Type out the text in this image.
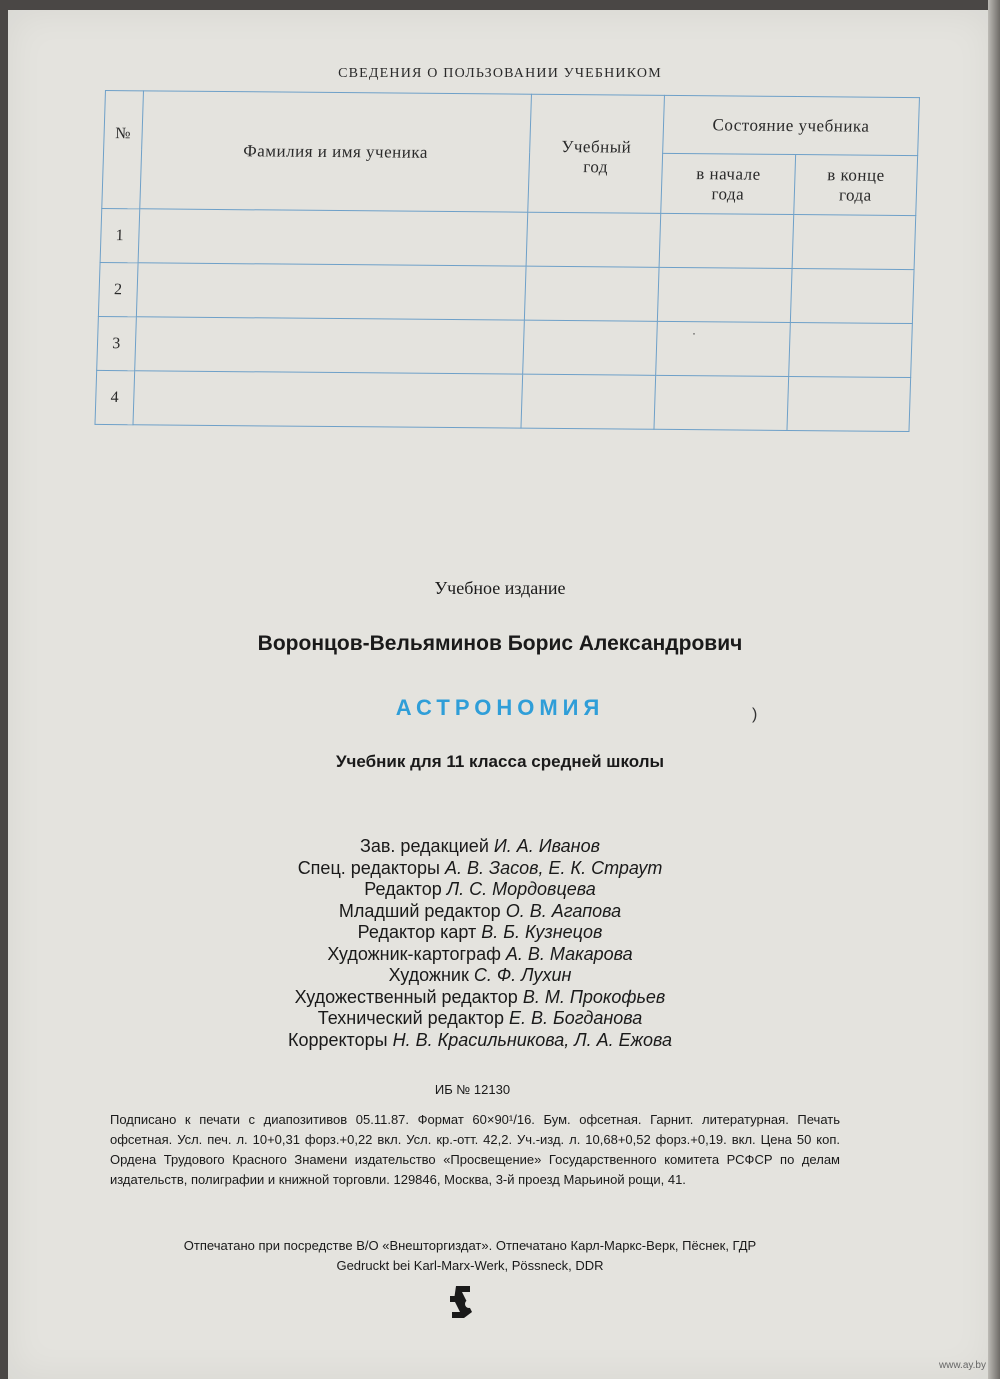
СВЕДЕНИЯ О ПОЛЬЗОВАНИИ УЧЕБНИКОМ
№	Фамилия и имя ученика	Учебный год	Состояние учебника	
			в начале года	в конце года
1				
2				
3				
4				
·
Учебное издание
Воронцов-Вельяминов Борис Александрович
АСТРОНОМИЯ	)
Учебник для 11 класса средней школы
Зав. редакцией И. А. Иванов
Спец. редакторы А. В. Засов, Е. К. Страут
Редактор Л. С. Мордовцева
Младший редактор О. В. Агапова
Редактор карт В. Б. Кузнецов
Художник-картограф А. В. Макарова
Художник С. Ф. Лухин
Художественный редактор В. М. Прокофьев
Технический редактор Е. В. Богданова
Корректоры Н. В. Красильникова, Л. А. Ежова
ИБ № 12130
Подписано к печати с диапозитивов 05.11.87. Формат 60×90¹/16. Бум. офсетная. Гарнит. литературная. Печать офсетная. Усл. печ. л. 10+0,31 форз.+0,22 вкл. Усл. кр.-отт. 42,2. Уч.-изд. л. 10,68+0,52 форз.+0,19. вкл. Цена 50 коп. Ордена Трудового Красного Знамени издательство «Просвещение» Государственного комитета РСФСР по делам издательств, полиграфии и книжной торговли. 129846, Москва, 3-й проезд Марьиной рощи, 41.
Отпечатано при посредстве В/О «Внешторгиздат». Отпечатано Карл-Маркс-Верк, Пёснек, ГДР
Gedruckt bei Karl-Marx-Werk, Pössneck, DDR
www.ay.by
